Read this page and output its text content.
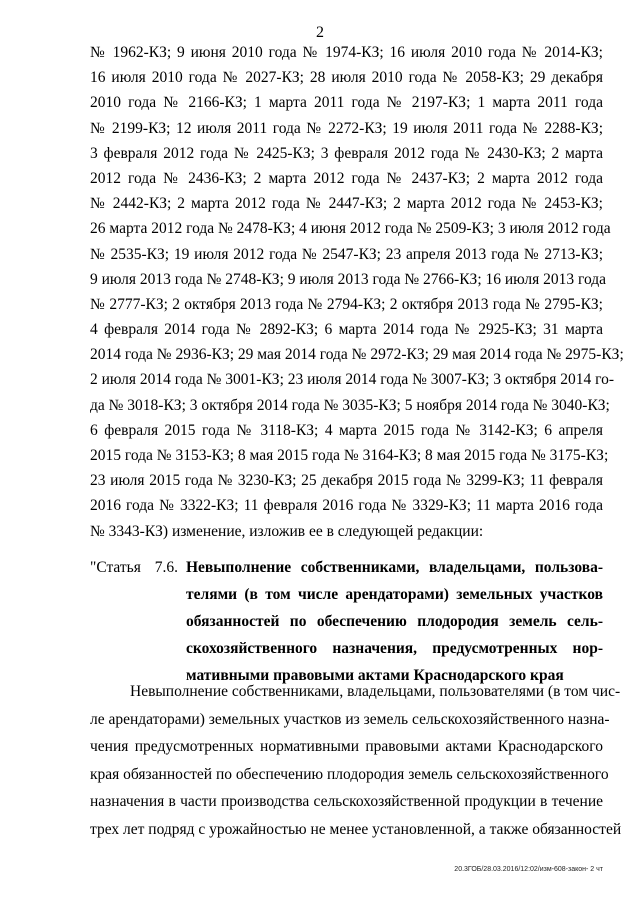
2
№ 1962-КЗ; 9 июня 2010 года № 1974-КЗ; 16 июля 2010 года № 2014-КЗ;
16 июля 2010 года № 2027-КЗ; 28 июля 2010 года № 2058-КЗ; 29 декабря
2010 года № 2166-КЗ; 1 марта 2011 года № 2197-КЗ; 1 марта 2011 года
№ 2199-КЗ; 12 июля 2011 года № 2272-КЗ; 19 июля 2011 года № 2288-КЗ;
3 февраля 2012 года № 2425-КЗ; 3 февраля 2012 года № 2430-КЗ; 2 марта
2012 года № 2436-КЗ; 2 марта 2012 года № 2437-КЗ; 2 марта 2012 года
№ 2442-КЗ; 2 марта 2012 года № 2447-КЗ; 2 марта 2012 года № 2453-КЗ;
26 марта 2012 года № 2478-КЗ; 4 июня 2012 года № 2509-КЗ; 3 июля 2012 года
№ 2535-КЗ; 19 июля 2012 года № 2547-КЗ; 23 апреля 2013 года № 2713-КЗ;
9 июля 2013 года № 2748-КЗ; 9 июля 2013 года № 2766-КЗ; 16 июля 2013 года
№ 2777-КЗ; 2 октября 2013 года № 2794-КЗ; 2 октября 2013 года № 2795-КЗ;
4 февраля 2014 года № 2892-КЗ; 6 марта 2014 года № 2925-КЗ; 31 марта
2014 года № 2936-КЗ; 29 мая 2014 года № 2972-КЗ; 29 мая 2014 года № 2975-КЗ;
2 июля 2014 года № 3001-КЗ; 23 июля 2014 года № 3007-КЗ; 3 октября 2014 го-
да № 3018-КЗ; 3 октября 2014 года № 3035-КЗ; 5 ноября 2014 года № 3040-КЗ;
6 февраля 2015 года № 3118-КЗ; 4 марта 2015 года № 3142-КЗ; 6 апреля
2015 года № 3153-КЗ; 8 мая 2015 года № 3164-КЗ; 8 мая 2015 года № 3175-КЗ;
23 июля 2015 года № 3230-КЗ; 25 декабря 2015 года № 3299-КЗ; 11 февраля
2016 года № 3322-КЗ; 11 февраля 2016 года № 3329-КЗ; 11 марта 2016 года
№ 3343-КЗ) изменение, изложив ее в следующей редакции:
"Статья 7.6. Невыполнение собственниками, владельцами, пользова-
телями (в том числе арендаторами) земельных участков
обязанностей по обеспечению плодородия земель сель-
скохозяйственного назначения, предусмотренных нор-
мативными правовыми актами Краснодарского края
Невыполнение собственниками, владельцами, пользователями (в том чис-
ле арендаторами) земельных участков из земель сельскохозяйственного назна-
чения предусмотренных нормативными правовыми актами Краснодарского
края обязанностей по обеспечению плодородия земель сельскохозяйственного
назначения в части производства сельскохозяйственной продукции в течение
трех лет подряд с урожайностью не менее установленной, а также обязанностей
20.3ГОБ/28.03.2016/12:02/изм-608-закон- 2 чт
